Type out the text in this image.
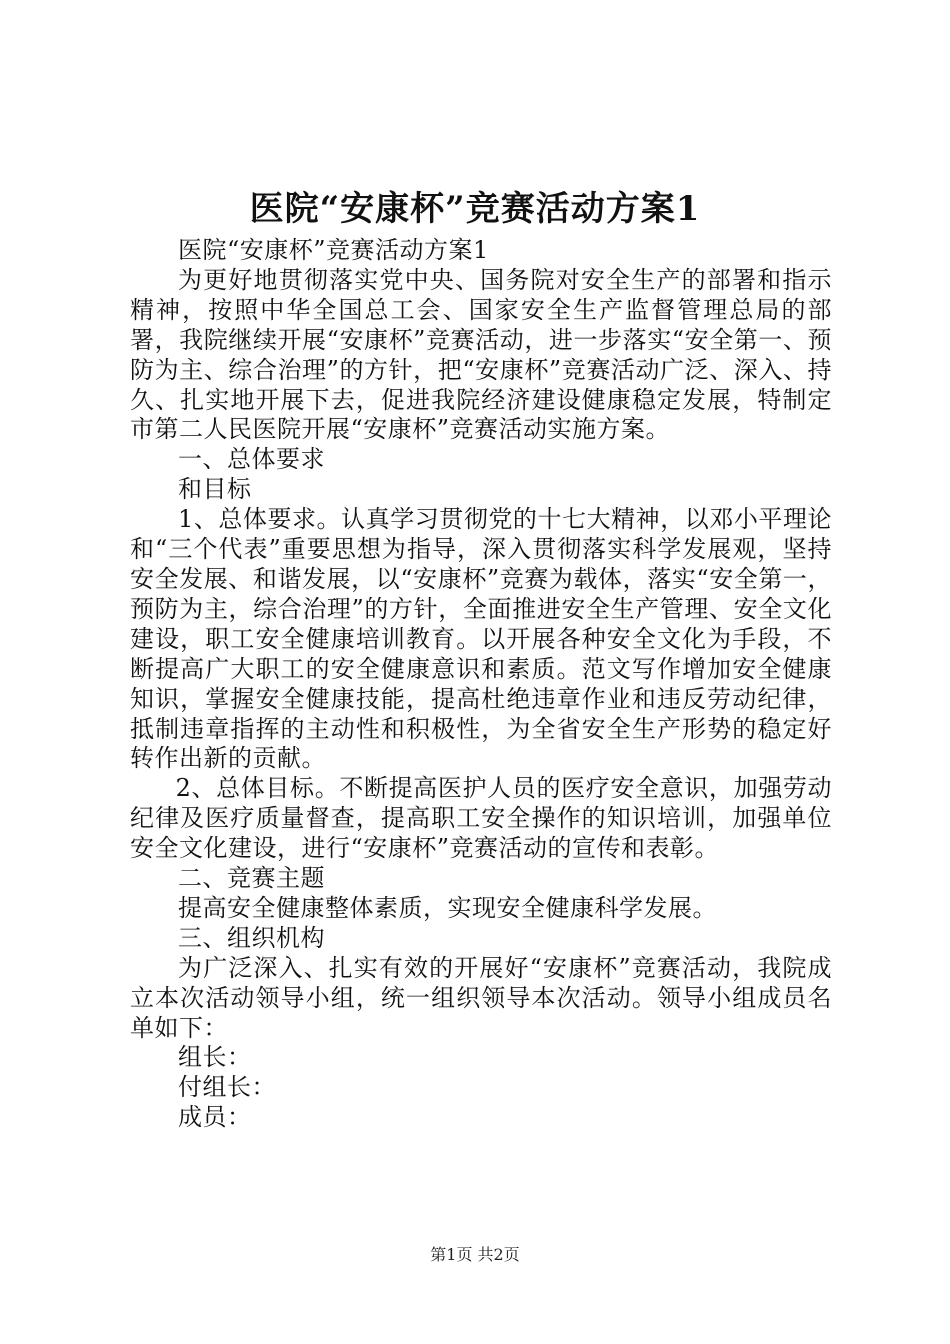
医院“安康杯”竞赛活动方案1

医院“安康杯”竞赛活动方案1

为更好地贯彻落实党中央、国务院对安全生产的部署和指示精神，按照中华全国总工会、国家安全生产监督管理总局的部署，我院继续开展“安康杯”竞赛活动，进一步落实“安全第一、预防为主、综合治理”的方针，把“安康杯”竞赛活动广泛、深入、持久、扎实地开展下去，促进我院经济建设健康稳定发展，特制定市第二人民医院开展“安康杯”竞赛活动实施方案。

一、总体要求

和目标

1、总体要求。认真学习贯彻党的十七大精神，以邓小平理论和“三个代表”重要思想为指导，深入贯彻落实科学发展观，坚持安全发展、和谐发展，以“安康杯”竞赛为载体，落实“安全第一，预防为主，综合治理”的方针，全面推进安全生产管理、安全文化建设，职工安全健康培训教育。以开展各种安全文化为手段，不断提高广大职工的安全健康意识和素质。范文写作增加安全健康知识，掌握安全健康技能，提高杜绝违章作业和违反劳动纪律，抵制违章指挥的主动性和积极性，为全省安全生产形势的稳定好转作出新的贡献。

2、总体目标。不断提高医护人员的医疗安全意识，加强劳动纪律及医疗质量督查，提高职工安全操作的知识培训，加强单位安全文化建设，进行“安康杯”竞赛活动的宣传和表彰。

二、竞赛主题

提高安全健康整体素质，实现安全健康科学发展。

三、组织机构

为广泛深入、扎实有效的开展好“安康杯”竞赛活动，我院成立本次活动领导小组，统一组织领导本次活动。领导小组成员名单如下：

组长：

付组长：

成员：

第1页 共2页
